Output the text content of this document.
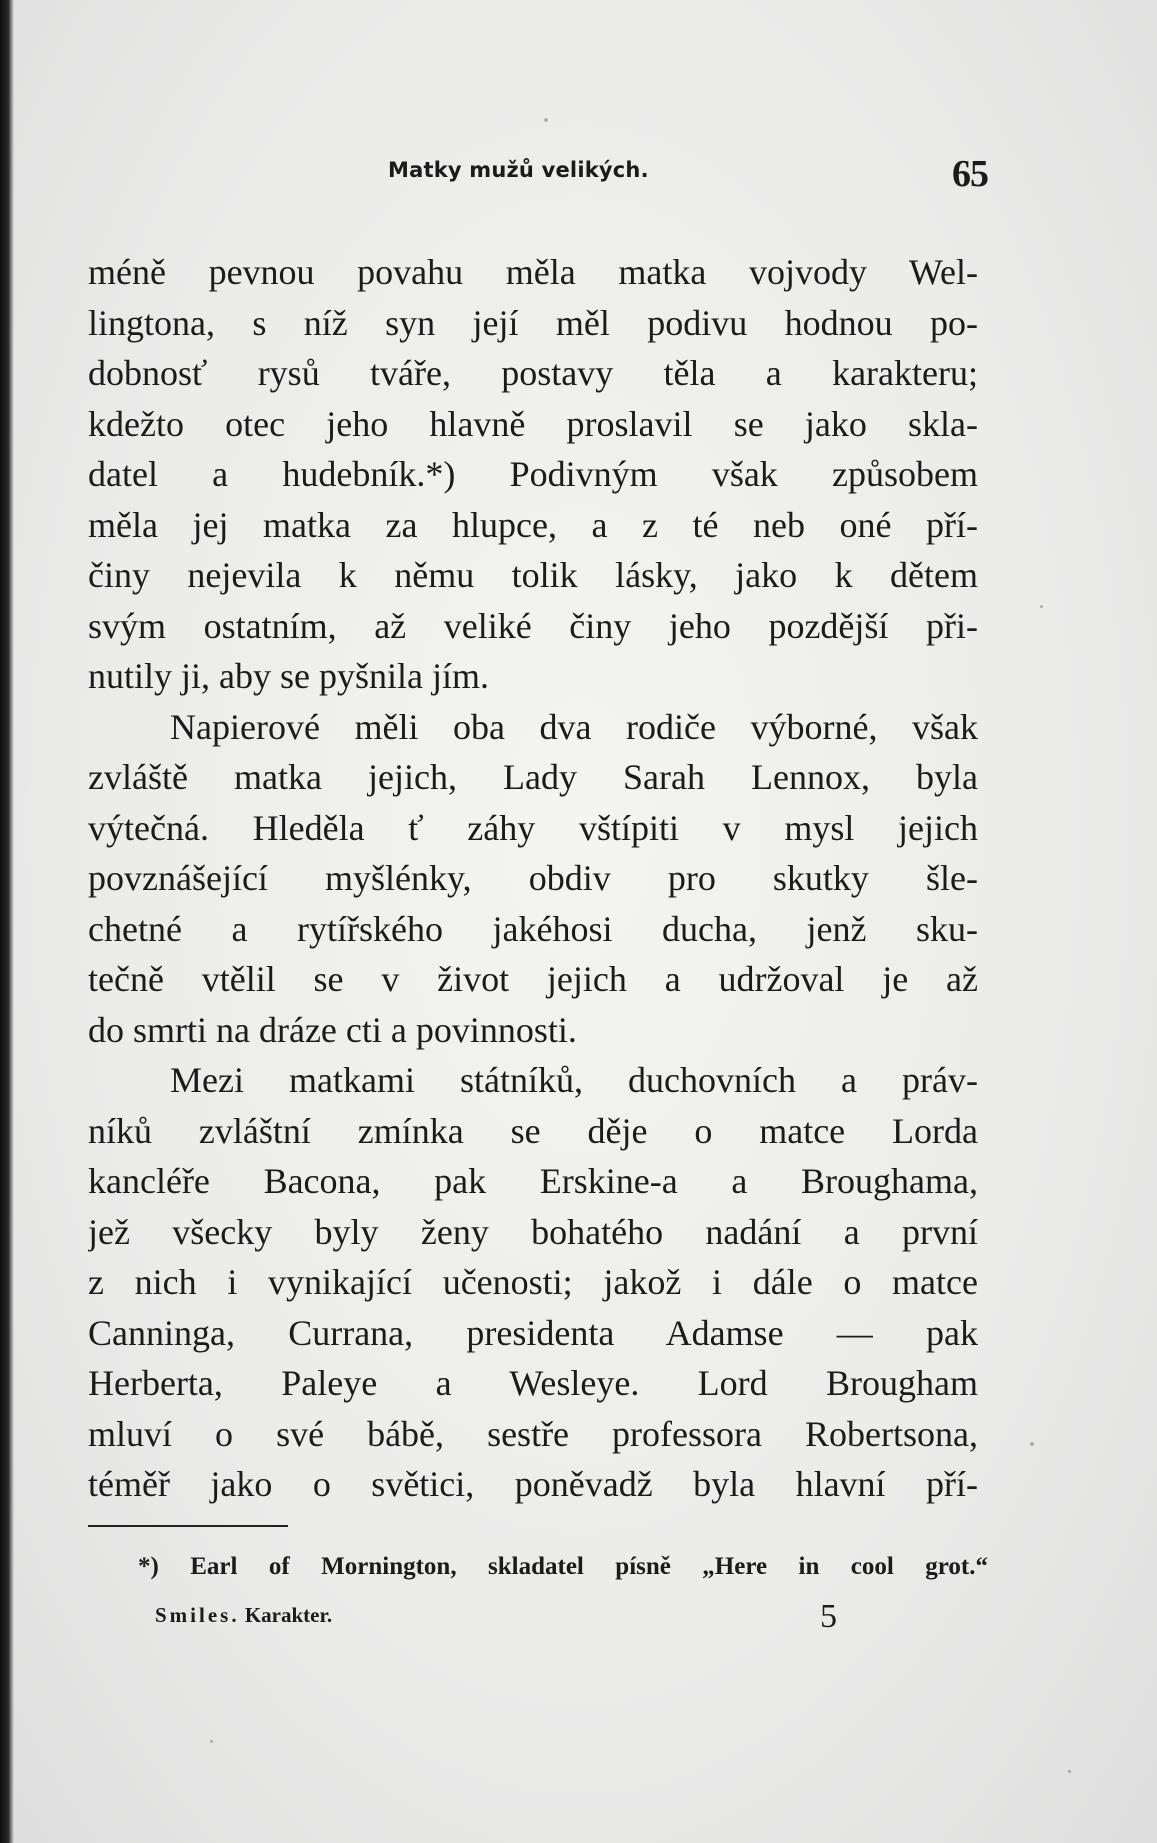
Matky mužů velikých.	65
méně pevnou povahu měla matka vojvody Wel-
lingtona, s níž syn její měl podivu hodnou po-
dobnosť rysů tváře, postavy těla a karakteru;
kdežto otec jeho hlavně proslavil se jako skla-
datel a hudebník.*) Podivným však způsobem
měla jej matka za hlupce, a z té neb oné pří-
činy nejevila k němu tolik lásky, jako k dětem
svým ostatním, až veliké činy jeho pozdější při-
nutily ji, aby se pyšnila jím.
Napierové měli oba dva rodiče výborné, však
zvláště matka jejich, Lady Sarah Lennox, byla
výtečná. Hleděla ť záhy vštípiti v mysl jejich
povznášející myšlénky, obdiv pro skutky šle-
chetné a rytířského jakéhosi ducha, jenž sku-
tečně vtělil se v život jejich a udržoval je až
do smrti na dráze cti a povinnosti.
Mezi matkami státníků, duchovních a práv-
níků zvláštní zmínka se děje o matce Lorda
kancléře Bacona, pak Erskine-a a Broughama,
jež všecky byly ženy bohatého nadání a první
z nich i vynikající učenosti; jakož i dále o matce
Canninga, Currana, presidenta Adamse — pak
Herberta, Paleye a Wesleye. Lord Brougham
mluví o své bábě, sestře professora Robertsona,
téměř jako o světici, poněvadž byla hlavní pří-
*) Earl of Mornington, skladatel písně „Here in cool grot.“
Smiles. Karakter.	5
